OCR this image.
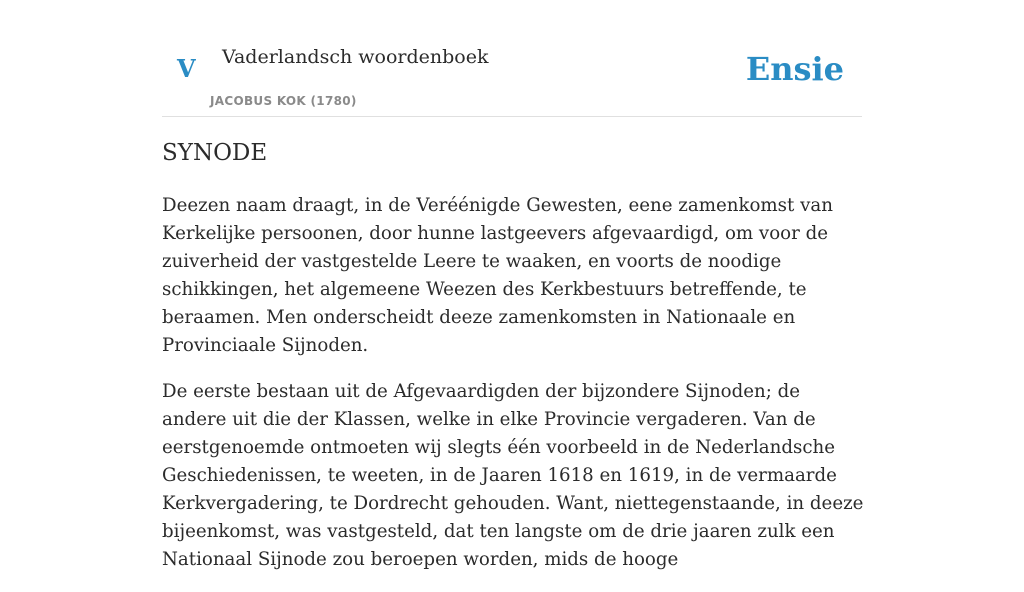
V Vaderlandsch woordenboek
JACOBUS KOK (1780)
Ensie
SYNODE

Deezen naam draagt, in de Veréénigde Gewesten, eene zamenkomst van Kerkelijke persoonen, door hunne lastgeevers afgevaardigd, om voor de zuiverheid der vastgestelde Leere te waaken, en voorts de noodige schikkingen, het algemeene Weezen des Kerkbestuurs betreffende, te beraamen. Men onderscheidt deeze zamenkomsten in Nationaale en Provinciaale Sijnoden.

De eerste bestaan uit de Afgevaardigden der bijzondere Sijnoden; de andere uit die der Klassen, welke in elke Provincie vergaderen. Van de eerstgenoemde ontmoeten wij slegts één voorbeeld in de Nederlandsche Geschiedenissen, te weeten, in de Jaaren 1618 en 1619, in de vermaarde Kerkvergadering, te Dordrecht gehouden. Want, niettegenstaande, in deeze bijeenkomst, was vastgesteld, dat ten langste om de drie jaaren zulk een Nationaal Sijnode zou beroepen worden, mids de hooge
